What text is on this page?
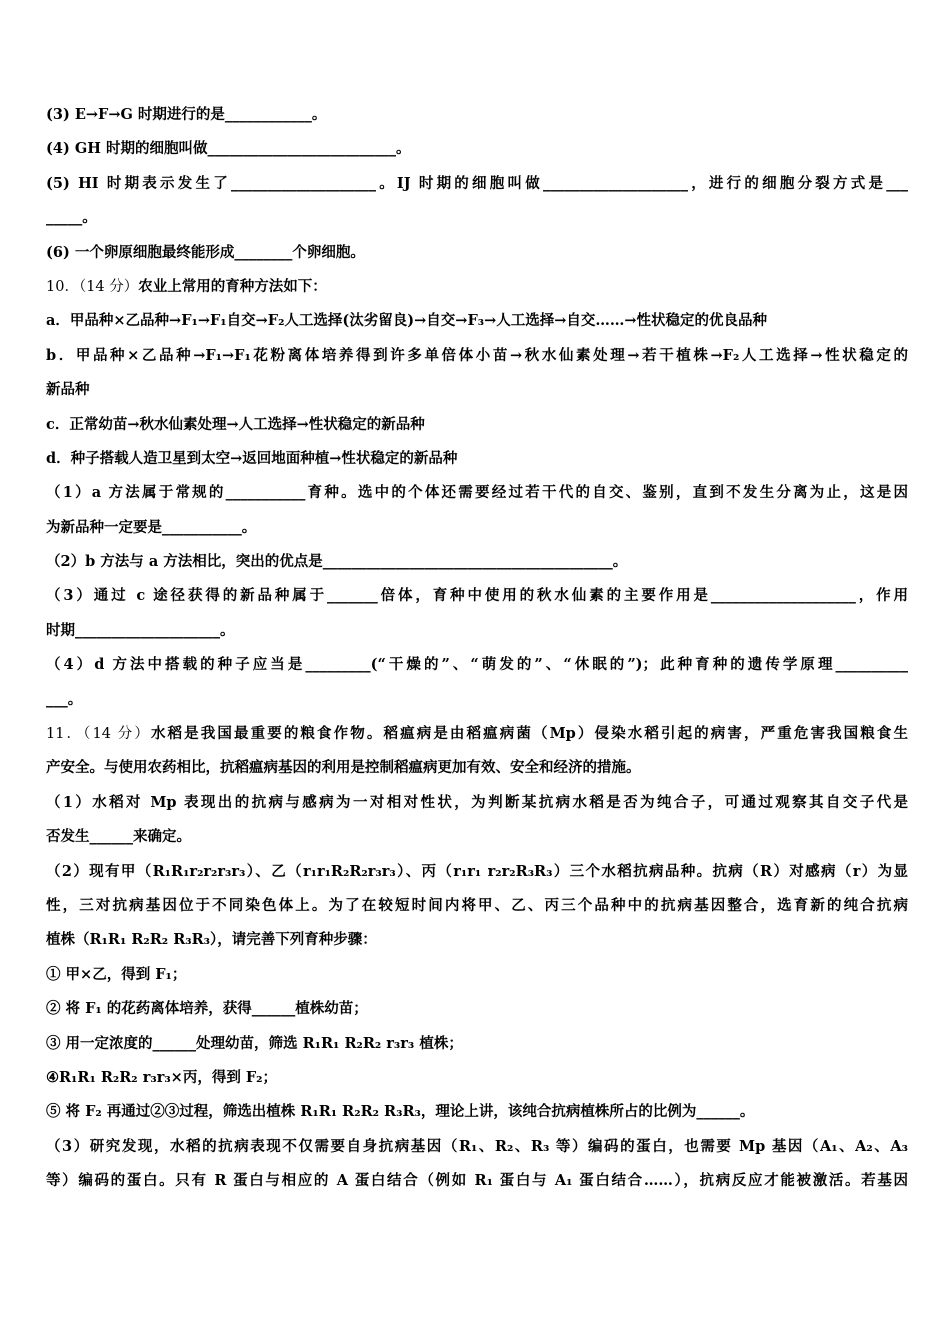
(3) E→F→G 时期进行的是____________。
(4) GH 时期的细胞叫做__________________________。
(5) HI 时期表示发生了____________________。IJ 时期的细胞叫做____________________，进行的细胞分裂方式是___
_____。
(6) 一个卵原细胞最终能形成________个卵细胞。
10．（14 分）农业上常用的育种方法如下：
a．甲品种×乙品种→F₁→F₁自交→F₂人工选择(汰劣留良)→自交→F₃→人工选择→自交……→性状稳定的优良品种
b．甲品种×乙品种→F₁→F₁花粉离体培养得到许多单倍体小苗→秋水仙素处理→若干植株→F₂人工选择→性状稳定的
新品种
c．正常幼苗→秋水仙素处理→人工选择→性状稳定的新品种
d．种子搭载人造卫星到太空→返回地面种植→性状稳定的新品种
（1）a 方法属于常规的___________育种。选中的个体还需要经过若干代的自交、鉴别，直到不发生分离为止，这是因
为新品种一定要是___________。
（2）b 方法与 a 方法相比，突出的优点是________________________________________。
（3）通过 c 途径获得的新品种属于_______倍体，育种中使用的秋水仙素的主要作用是____________________，作用
时期____________________。
（4）d 方法中搭载的种子应当是_________(“干燥的”、“萌发的”、“休眠的”)；此种育种的遗传学原理__________
___。
11．（14 分）水稻是我国最重要的粮食作物。稻瘟病是由稻瘟病菌（Mp）侵染水稻引起的病害，严重危害我国粮食生
产安全。与使用农药相比，抗稻瘟病基因的利用是控制稻瘟病更加有效、安全和经济的措施。
（1）水稻对 Mp 表现出的抗病与感病为一对相对性状，为判断某抗病水稻是否为纯合子，可通过观察其自交子代是
否发生______来确定。
（2）现有甲（R₁R₁r₂r₂r₃r₃）、乙（r₁r₁R₂R₂r₃r₃）、丙（r₁r₁ r₂r₂R₃R₃）三个水稻抗病品种。抗病（R）对感病（r）为显
性，三对抗病基因位于不同染色体上。为了在较短时间内将甲、乙、丙三个品种中的抗病基因整合，选育新的纯合抗病
植株（R₁R₁ R₂R₂ R₃R₃），请完善下列育种步骤：
① 甲×乙，得到 F₁；
② 将 F₁ 的花药离体培养，获得______植株幼苗；
③ 用一定浓度的______处理幼苗，筛选 R₁R₁ R₂R₂ r₃r₃ 植株；
④R₁R₁ R₂R₂ r₃r₃×丙，得到 F₂；
⑤ 将 F₂ 再通过②③过程，筛选出植株 R₁R₁ R₂R₂ R₃R₃，理论上讲，该纯合抗病植株所占的比例为______。
（3）研究发现，水稻的抗病表现不仅需要自身抗病基因（R₁、R₂、R₃ 等）编码的蛋白，也需要 Mp 基因（A₁、A₂、A₃
等）编码的蛋白。只有 R 蛋白与相应的 A 蛋白结合（例如 R₁ 蛋白与 A₁ 蛋白结合……），抗病反应才能被激活。若基因
